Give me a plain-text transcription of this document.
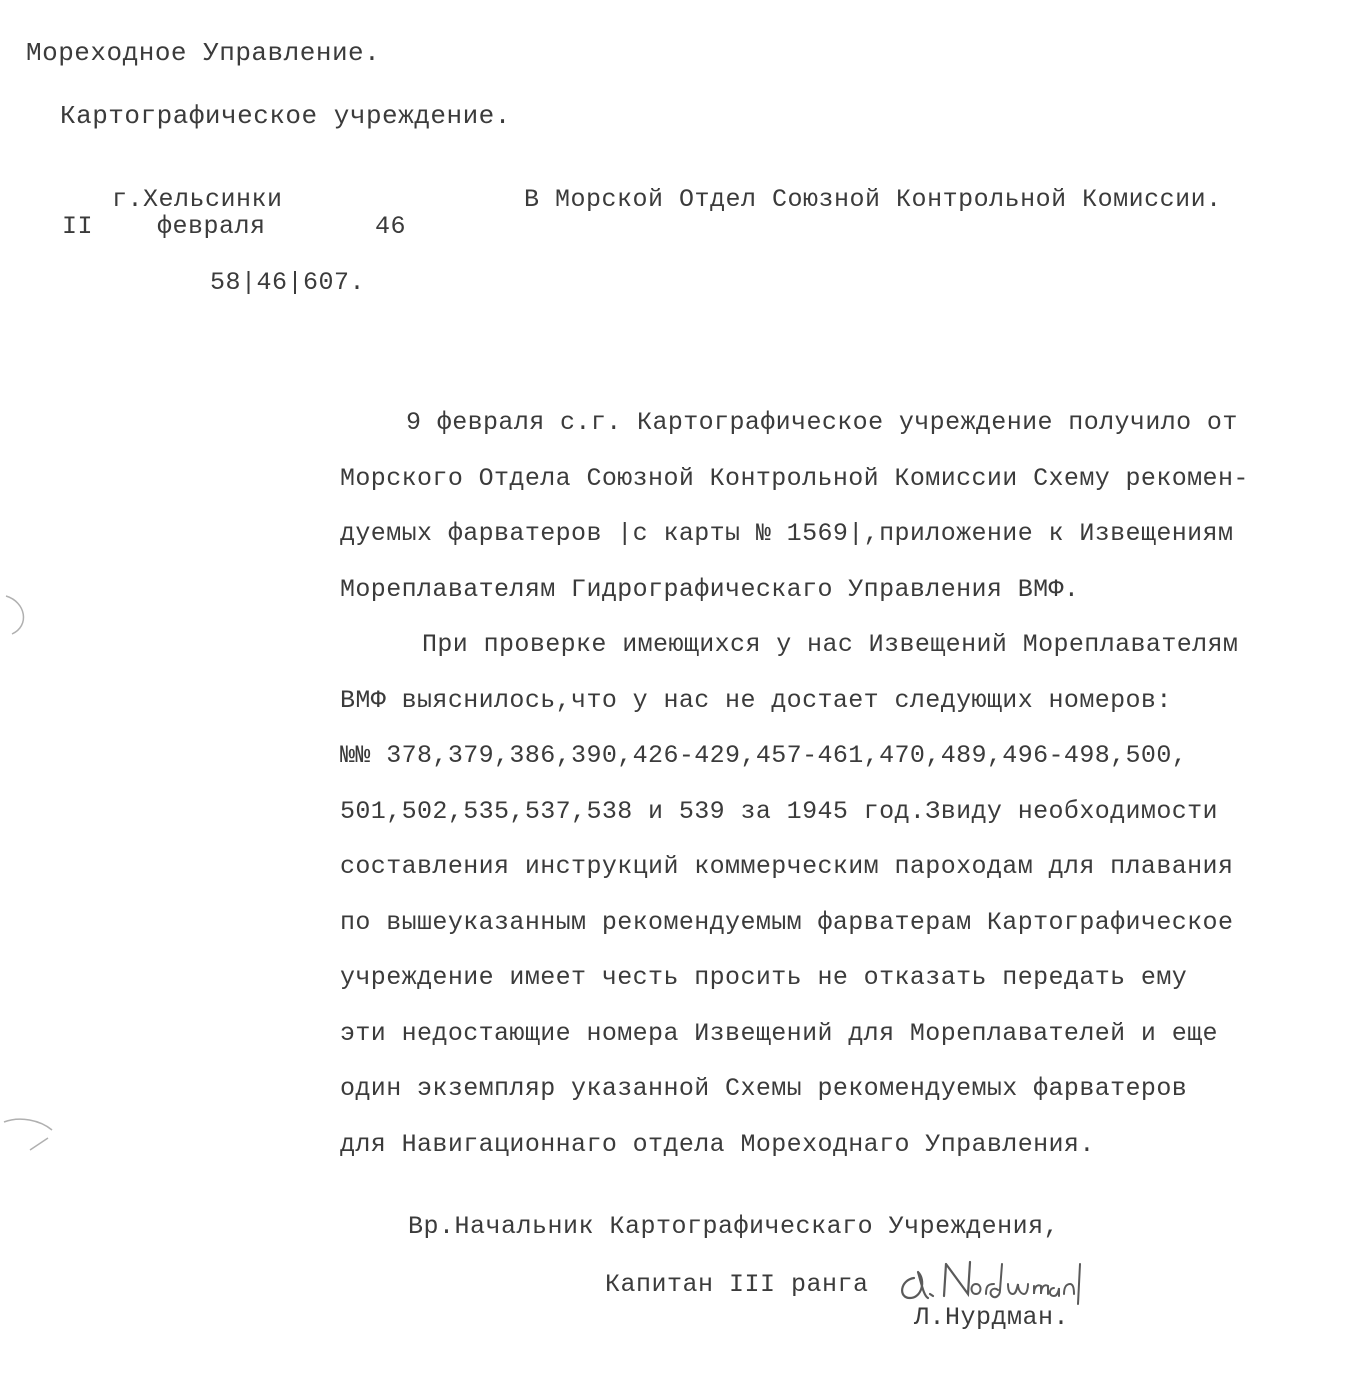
Мореходное Управление.
Картографическое учреждение.
г.Хельсинки
II	февраля	46
58|46|607.
В Морской Отдел Союзной Контрольной Комиссии.
9 февраля с.г. Картографическое учреждение получило от
Морского Отдела Союзной Контрольной Комиссии Схему рекомен-
дуемых фарватеров |с карты № 1569|,приложение к Извещениям
Мореплавателям Гидрографическаго Управления ВМФ.
При проверке имеющихся у нас Извещений Мореплавателям
ВМФ выяснилось,что у нас не достает следующих номеров:
№№ 378,379,386,390,426-429,457-461,470,489,496-498,500,
501,502,535,537,538 и 539 за 1945 год.Звиду необходимости
составления инструкций коммерческим пароходам для плавания
по вышеуказанным рекомендуемым фарватерам Картографическое
учреждение имеет честь просить не отказать передать ему
эти недостающие номера Извещений для Мореплавателей и еще
один экземпляр указанной Схемы рекомендуемых фарватеров
для Навигационнаго отдела Мореходнаго Управления.
Вр.Начальник Картографическаго Учреждения,
Капитан III ранга
Л.Нурдман.
